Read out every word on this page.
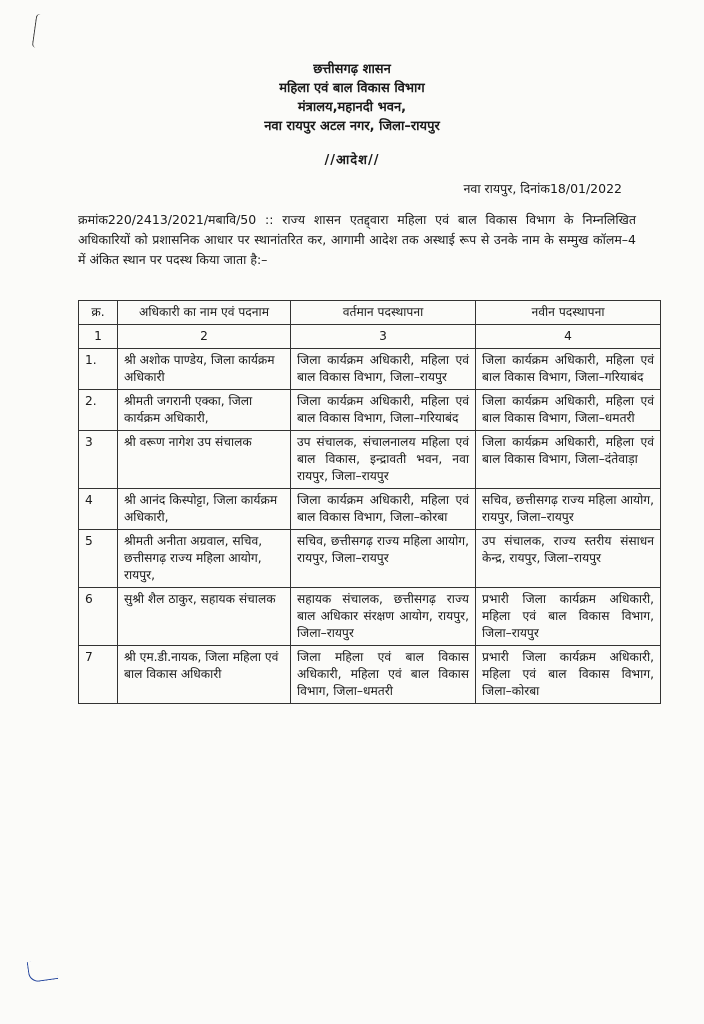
छत्तीसगढ़ शासन
महिला एवं बाल विकास विभाग
मंत्रालय,महानदी भवन,
नवा रायपुर अटल नगर, जिला–रायपुर
//आदेश//
नवा रायपुर, दिनांक18/01/2022
क्रमांक220/2413/2021/मबावि/50 :: राज्य शासन एतद्द्वारा महिला एवं बाल विकास विभाग के निम्नलिखित अधिकारियों को प्रशासनिक आधार पर स्थानांतरित कर, आगामी आदेश तक अस्थाई रूप से उनके नाम के सम्मुख कॉलम–4 में अंकित स्थान पर पदस्थ किया जाता है:–
क्र.	अधिकारी का नाम एवं पदनाम	वर्तमान पदस्थापना	नवीन पदस्थापना
1	2	3	4
1.	श्री अशोक पाण्डेय, जिला कार्यक्रम अधिकारी	जिला कार्यक्रम अधिकारी, महिला एवं बाल विकास विभाग, जिला–रायपुर	जिला कार्यक्रम अधिकारी, महिला एवं बाल विकास विभाग, जिला–गरियाबंद
2.	श्रीमती जगरानी एक्का, जिला कार्यक्रम अधिकारी,	जिला कार्यक्रम अधिकारी, महिला एवं बाल विकास विभाग, जिला–गरियाबंद	जिला कार्यक्रम अधिकारी, महिला एवं बाल विकास विभाग, जिला–धमतरी
3	श्री वरूण नागेश उप संचालक	उप संचालक, संचालनालय महिला एवं बाल विकास, इन्द्रावती भवन, नवा रायपुर, जिला–रायपुर	जिला कार्यक्रम अधिकारी, महिला एवं बाल विकास विभाग, जिला–दंतेवाड़ा
4	श्री आनंद किस्पोट्टा, जिला कार्यक्रम अधिकारी,	जिला कार्यक्रम अधिकारी, महिला एवं बाल विकास विभाग, जिला–कोरबा	सचिव, छत्तीसगढ़ राज्य महिला आयोग, रायपुर, जिला–रायपुर
5	श्रीमती अनीता अग्रवाल, सचिव, छत्तीसगढ़ राज्य महिला आयोग, रायपुर,	सचिव, छत्तीसगढ़ राज्य महिला आयोग, रायपुर, जिला–रायपुर	उप संचालक, राज्य स्तरीय संसाधन केन्द्र, रायपुर, जिला–रायपुर
6	सुश्री शैल ठाकुर, सहायक संचालक	सहायक संचालक, छत्तीसगढ़ राज्य बाल अधिकार संरक्षण आयोग, रायपुर, जिला–रायपुर	प्रभारी जिला कार्यक्रम अधिकारी, महिला एवं बाल विकास विभाग, जिला–रायपुर
7	श्री एम.डी.नायक, जिला महिला एवं बाल विकास अधिकारी	जिला महिला एवं बाल विकास अधिकारी, महिला एवं बाल विकास विभाग, जिला–धमतरी	प्रभारी जिला कार्यक्रम अधिकारी, महिला एवं बाल विकास विभाग, जिला–कोरबा
